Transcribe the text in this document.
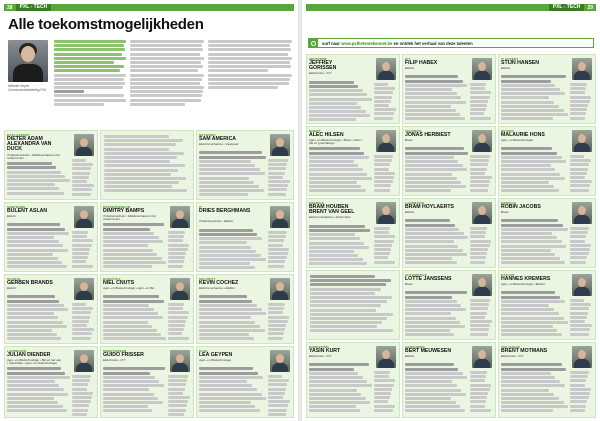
28	PXL - TECH
Alle toekomstmogelijkheden
Melanie Hoyes Communicatieafdeling PXL
DATA EXPERT
DIETER ADAM ALEXANDRA VAN DUCK
IT-dienstverlener • Middenschaal en het ondernemen
SOFTWARE
BÜLENT ASLAN
Elektro
ENTREPRENEUR
DIMITRY BAMPS
IT-dienstverlener • Middenschaal en het ondernemen
IT
DRIES BERGHMANS
IT-dienstverlener • Elektro
NETWORK
SAM AMERICA
Elektromechanica • Vastgoed
SCHOOL
GERBEN BRANDS
Elektro
ROBOTICA
NIEL CNUTS
Agro- en Biotechnologie • Agro- en Bio
SECURITY
KEVIN COCHEZ
Elektromechanica • Elektro
LANDBOUW
JULIAN DIENDER
Agro- en Biotechnologie • Bio en het vak • Industriële • Agro- en biotechnologie
SMARTGREEN
GUIDO FRISSER
Elektronica - ICT
ELEK
LEA GEYPEN
Agro- en Biotechnologie
PXL - TECH	29
surf naar www.pxlhetentekennet.be en ontdek het verhaal van deze talenten
INDUSTRIE
JEFFREY GORISSEN
Elektronica - ICT
ICT
FILIP HABEX
Elektro
IT EXPERT
STIJN HANSEN
Elektro
ROBOT
ALEC HILSEN
Agro- en Biotechnologie • Bouw • Klein • CE en groendesign
TECHNIEK
JONAS HERBIEST
Bouw
DESIGN
MALAURIE HONS
Agro- en Biotechnologie
ENERGIE
BRAM HOUBEN BRENT VAN GEEL
Elektromechanica • Automotive
LANDBOUW
BRAM HOYLAERTS
Elektro
MEDISCH
ROBIN JACOBS
Bouw
AUTOMOTIVE
LOTTE JANSSENS
Bouw
NATUUR
HANNES KREMERS
Agro- en Biotechnologie • Elektro
MARKETING
YASIN KURT
Elektronica - ICT
GEBOUWEN
BERT MEUWESEN
Elektro
VEILIGHEID
BRENT MOTMANS
Elektronica - ICT
